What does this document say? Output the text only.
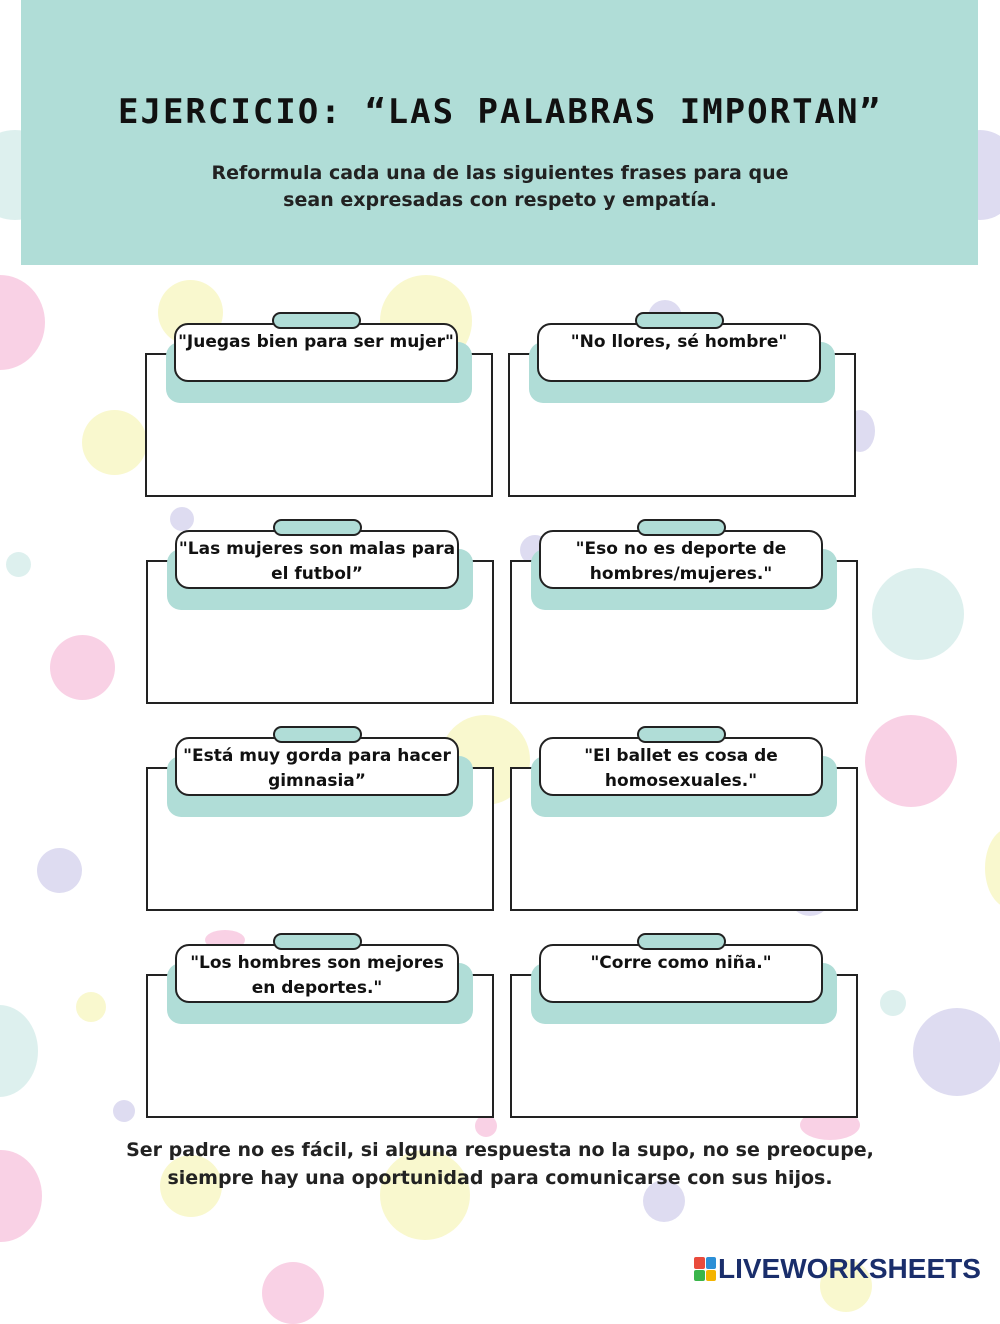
EJERCICIO: “LAS PALABRAS IMPORTAN”
Reformula cada una de las siguientes frases para que sean expresadas con respeto y empatía.
"Juegas bien para ser mujer"	"No llores, sé hombre"
"Las mujeres son malas para el futbol”
"Eso no es deporte de hombres/mujeres."
"Está muy gorda para hacer gimnasia”
"El ballet es cosa de homosexuales."
"Los hombres son mejores en deportes."
"Corre como niña."
Ser padre no es fácil, si alguna respuesta no la supo, no se preocupe, siempre hay una oportunidad para comunicarse con sus hijos.
LIVEWORKSHEETS
